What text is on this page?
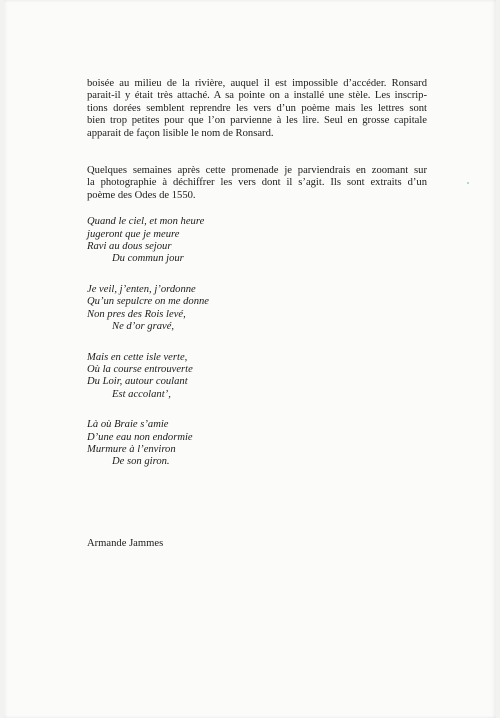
boisée au milieu de la rivière, auquel il est impossible d’accéder. Ronsard
parait-il y était très attaché. A sa pointe on a installé une stèle. Les inscrip-
tions dorées semblent reprendre les vers d’un poème mais les lettres sont
bien trop petites pour que l’on parvienne à les lire. Seul en grosse capitale
apparait de façon lisible le nom de Ronsard.

Quelques semaines après cette promenade je parviendrais en zoomant sur
la photographie à déchiffrer les vers dont il s’agit. Ils sont extraits d’un
poème des Odes de 1550.

Quand le ciel, et mon heure
jugeront que je meure
Ravi au dous sejour
Du commun jour
Je veil, j’enten, j’ordonne
Qu’un sepulcre on me donne
Non pres des Rois levé,
Ne d’or gravé,
Mais en cette isle verte,
Où la course entrouverte
Du Loir, autour coulant
Est accolant’,
Là où Braie s’amie
D’une eau non endormie
Murmure à l’environ
De son giron.
Armande Jammes
